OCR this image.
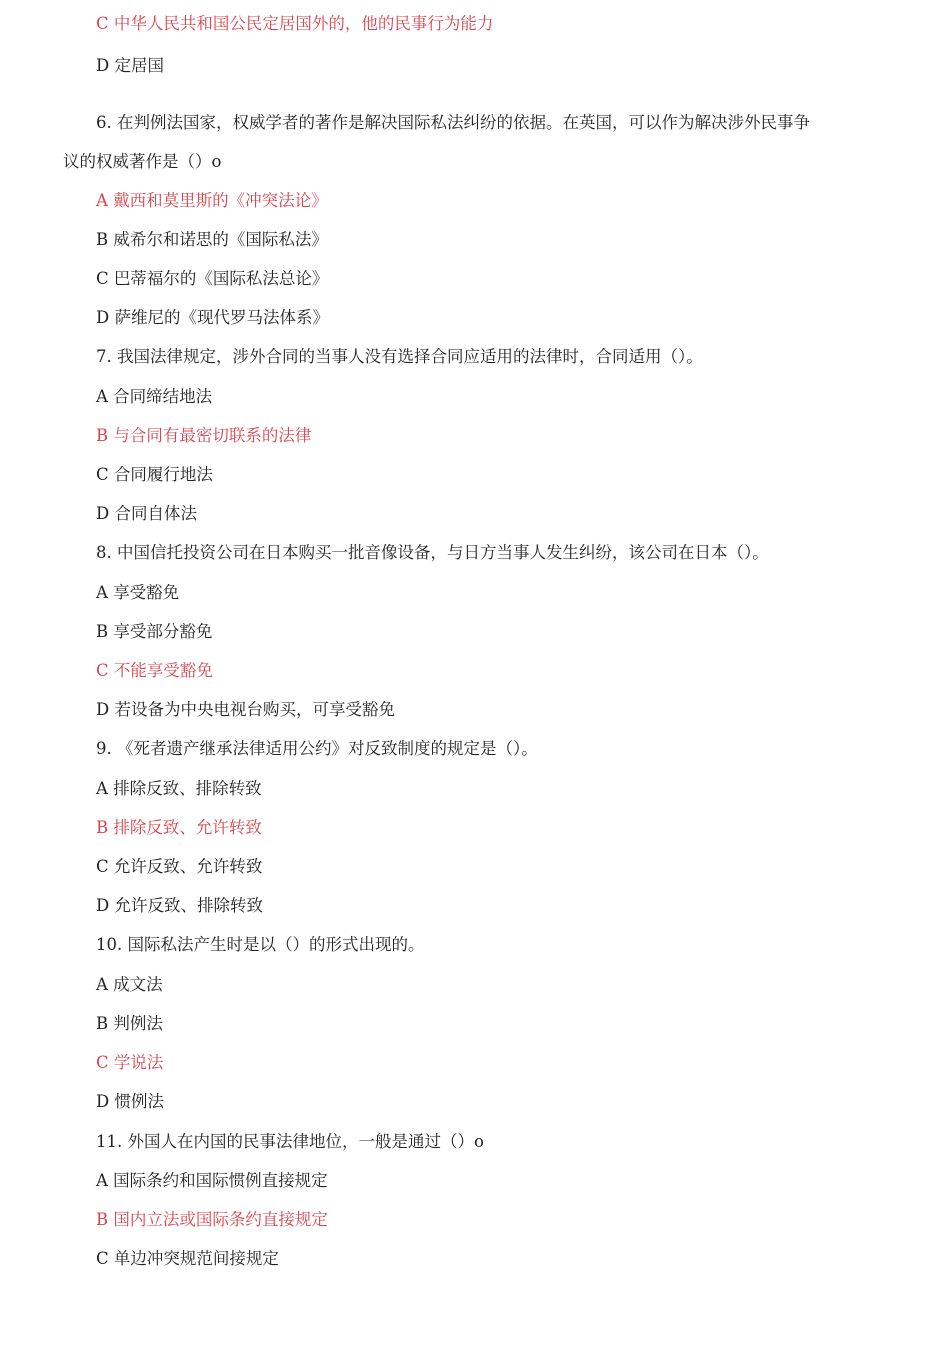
C 中华人民共和国公民定居国外的，他的民事行为能力
D 定居国
6. 在判例法国家，权威学者的著作是解决国际私法纠纷的依据。在英国，可以作为解决涉外民事争
议的权威著作是（）o
A 戴西和莫里斯的《冲突法论》
B 威希尔和诺思的《国际私法》
C 巴蒂福尔的《国际私法总论》
D 萨维尼的《现代罗马法体系》
7. 我国法律规定，涉外合同的当事人没有选择合同应适用的法律时，合同适用（）。
A 合同缔结地法
B 与合同有最密切联系的法律
C 合同履行地法
D 合同自体法
8. 中国信托投资公司在日本购买一批音像设备，与日方当事人发生纠纷，该公司在日本（）。
A 享受豁免
B 享受部分豁免
C 不能享受豁免
D 若设备为中央电视台购买，可享受豁免
9. 《死者遗产继承法律适用公约》对反致制度的规定是（）。
A 排除反致、排除转致
B 排除反致、允许转致
C 允许反致、允许转致
D 允许反致、排除转致
10. 国际私法产生时是以（）的形式出现的。
A 成文法
B 判例法
C 学说法
D 惯例法
11. 外国人在内国的民事法律地位，一般是通过（）o
A 国际条约和国际惯例直接规定
B 国内立法或国际条约直接规定
C 单边冲突规范间接规定
